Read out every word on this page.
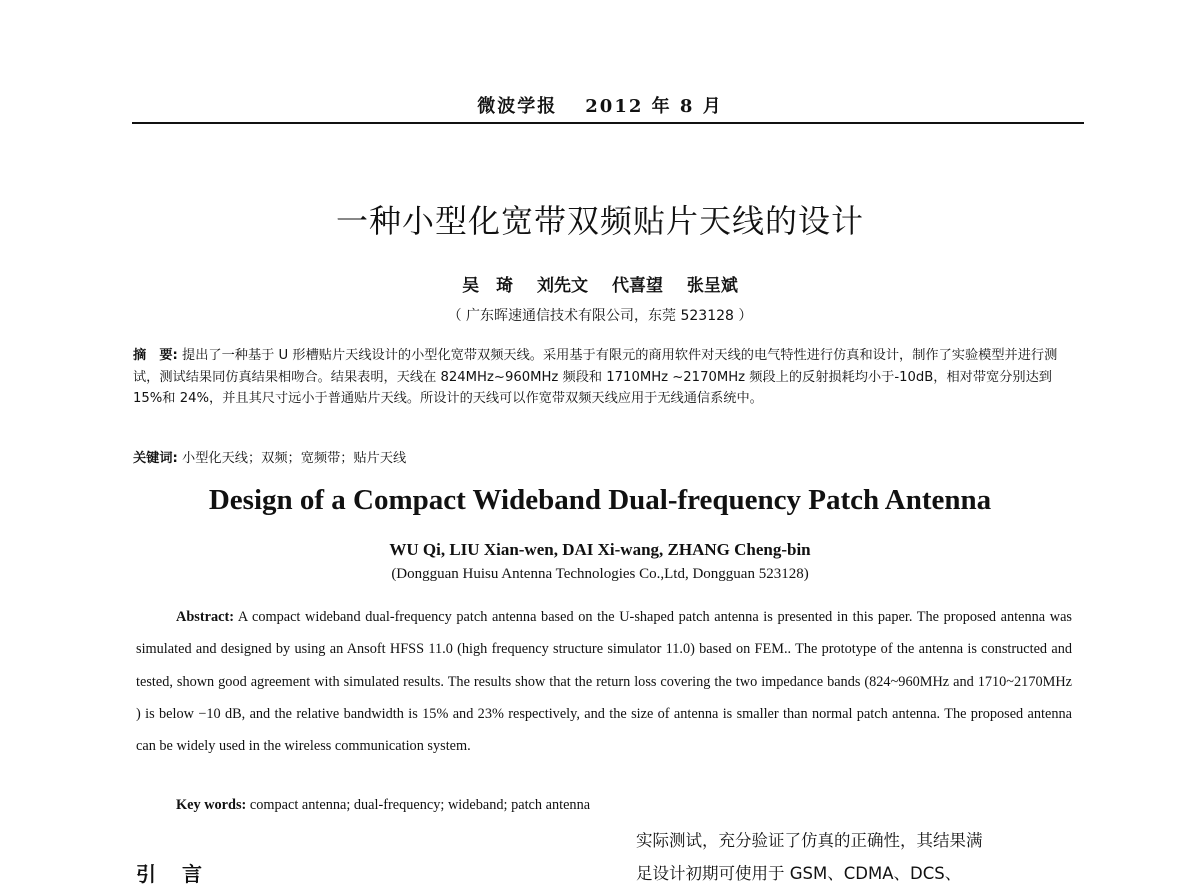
微波学报 2012 年 8 月
一种小型化宽带双频贴片天线的设计
吴　琦 刘先文 代喜望 张呈斌
（ 广东晖速通信技术有限公司，东莞 523128 ）
摘　要: 提出了一种基于 U 形槽贴片天线设计的小型化宽带双频天线。采用基于有限元的商用软件对天线的电气特性进行仿真和设计，制作了实验模型并进行测试，测试结果同仿真结果相吻合。结果表明，天线在 824MHz~960MHz 频段和 1710MHz ~2170MHz 频段上的反射损耗均小于-10dB，相对带宽分别达到 15%和 24%，并且其尺寸远小于普通贴片天线。所设计的天线可以作宽带双频天线应用于无线通信系统中。
关键词: 小型化天线；双频；宽频带；贴片天线
Design of a Compact Wideband Dual-frequency Patch Antenna
WU Qi, LIU Xian-wen, DAI Xi-wang, ZHANG Cheng-bin
(Dongguan Huisu Antenna Technologies Co.,Ltd, Dongguan 523128)
Abstract: A compact wideband dual-frequency patch antenna based on the U-shaped patch antenna is presented in this paper. The proposed antenna was simulated and designed by using an Ansoft HFSS 11.0 (high frequency structure simulator 11.0) based on FEM.. The prototype of the antenna is constructed and tested, shown good agreement with simulated results. The results show that the return loss covering the two impedance bands (824~960MHz and 1710~2170MHz ) is below −10 dB, and the relative bandwidth is 15% and 23% respectively, and the size of antenna is smaller than normal patch antenna. The proposed antenna can be widely used in the wireless communication system.
Key words: compact antenna; dual-frequency; wideband; patch antenna
引 言
实际测试，充分验证了仿真的正确性，其结果满
足设计初期可使用于 GSM、CDMA、DCS、
